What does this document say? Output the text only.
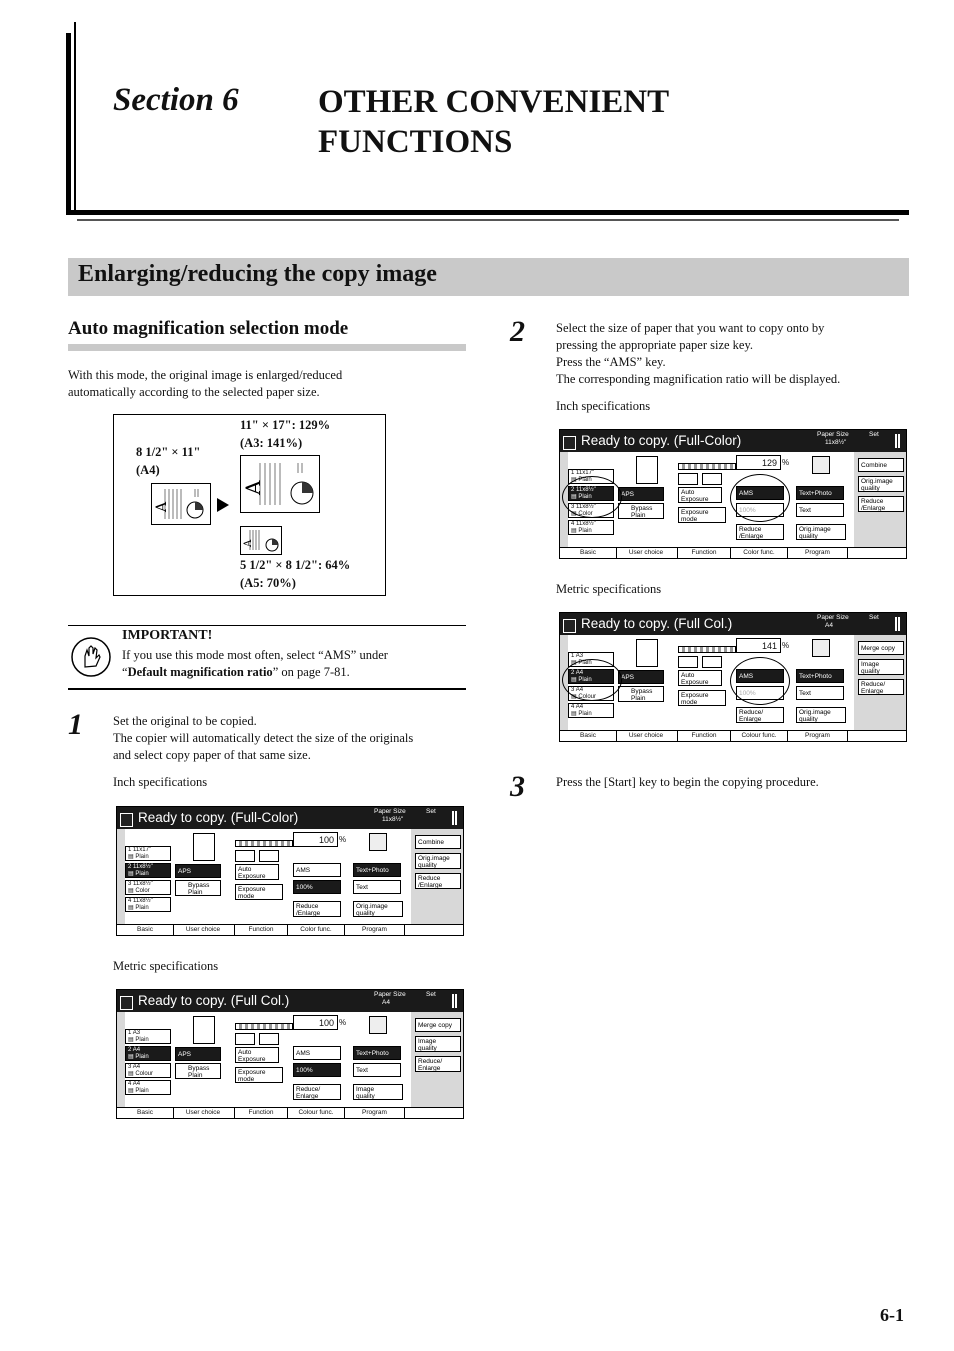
Section 6 OTHER CONVENIENT
FUNCTIONS
Enlarging/reducing the copy image
Auto magnification selection mode
With this mode, the original image is enlarged/reduced
automatically according to the selected paper size.
8 1/2" × 11"
(A4)
11" × 17": 129%
(A3: 141%)
5 1/2" × 8 1/2": 64%
(A5: 70%)
A
A
A
IMPORTANT!
If you use this mode most often, select “AMS” under
“Default magnification ratio” on page 7-81.
1 Set the original to be copied.
The copier will automatically detect the size of the originals
and select copy paper of that same size.
Inch specifications
Metric specifications
2 Select the size of paper that you want to copy onto by
pressing the appropriate paper size key.
Press the “AMS” key.
The corresponding magnification ratio will be displayed.
Inch specifications
Metric specifications
3 Press the [Start] key to begin the copying procedure.
Ready to copy. (Full-Color)	Paper Size	Set
11x8½"
1 11x17"
▤ Plain
2 11x8½"
▤ Plain
3 11x8½"
▤ Color
4 11x8½"
▤ Plain
APS
Bypass
Plain
Auto
Exposure
Exposure
mode
100 %
AMS
100%
Reduce
/Enlarge
Text+Photo
Text
Orig.image
quality
Combine
Orig.image
quality
Reduce
/Enlarge
Basic	User choice	Function	Color func.	Program
Ready to copy. (Full Col.)	Paper Size	Set
A4
1 A3
▤ Plain
2 A4
▤ Plain
3 A4
▤ Colour
4 A4
▤ Plain
APS
Bypass
Plain
Auto
Exposure
Exposure
mode
100 %
AMS
100%
Reduce/
Enlarge
Text+Photo
Text
Image
quality
Merge copy
Image
quality
Reduce/
Enlarge
Basic	User choice	Function	Colour func.	Program
Ready to copy. (Full-Color)	Paper Size	Set
11x8½"
1 11x17"
▤ Plain
2 11x8½"
▤ Plain
3 11x8½"
▤ Color
4 11x8½"
▤ Plain
APS
Bypass
Plain
Auto
Exposure
Exposure
mode
129 %
AMS
100%
Reduce
/Enlarge
Text+Photo
Text
Orig.image
quality
Combine
Orig.image
quality
Reduce
/Enlarge
Basic	User choice	Function	Color func.	Program
Ready to copy. (Full Col.)	Paper Size	Set
A4
1 A3
▤ Plain
2 A4
▤ Plain
3 A4
▤ Colour
4 A4
▤ Plain
APS
Bypass
Plain
Auto
Exposure
Exposure
mode
141 %
AMS
100%
Reduce/
Enlarge
Text+Photo
Text
Orig.image
quality
Merge copy
Image
quality
Reduce/
Enlarge
Basic	User choice	Function	Colour func.	Program
6-1
